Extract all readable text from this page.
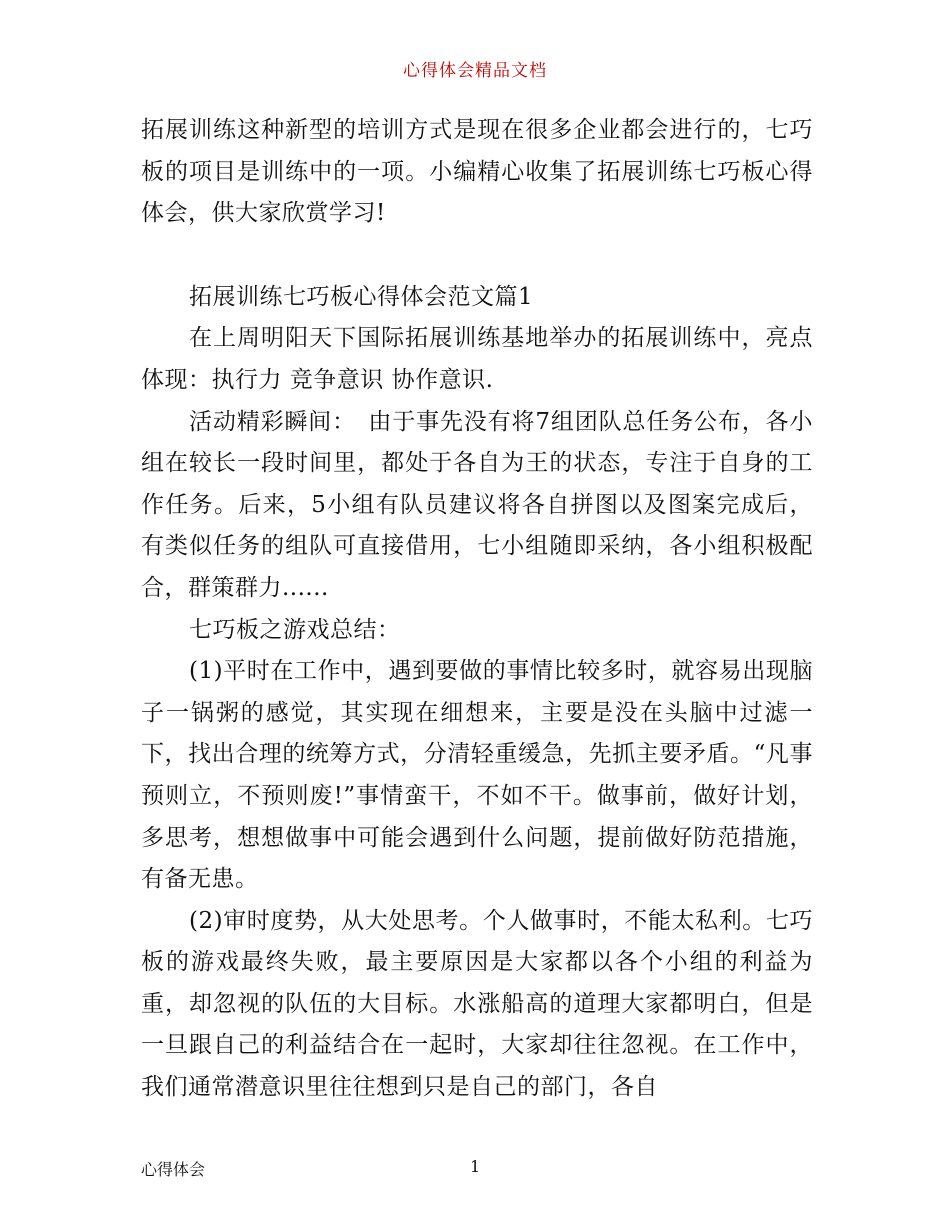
心得体会精品文档

拓展训练这种新型的培训方式是现在很多企业都会进行的，七巧板的项目是训练中的一项。小编精心收集了拓展训练七巧板心得体会，供大家欣赏学习!

拓展训练七巧板心得体会范文篇1

在上周明阳天下国际拓展训练基地举办的拓展训练中，亮点体现：执行力 竞争意识 协作意识.

活动精彩瞬间：　由于事先没有将7组团队总任务公布，各小组在较长一段时间里，都处于各自为王的状态，专注于自身的工作任务。后来，5小组有队员建议将各自拼图以及图案完成后，有类似任务的组队可直接借用，七小组随即采纳，各小组积极配合，群策群力......

七巧板之游戏总结：

(1)平时在工作中，遇到要做的事情比较多时，就容易出现脑子一锅粥的感觉，其实现在细想来，主要是没在头脑中过滤一下，找出合理的统筹方式，分清轻重缓急，先抓主要矛盾。“凡事预则立，不预则废!”事情蛮干，不如不干。做事前，做好计划，多思考，想想做事中可能会遇到什么问题，提前做好防范措施，有备无患。

(2)审时度势，从大处思考。个人做事时，不能太私利。七巧板的游戏最终失败，最主要原因是大家都以各个小组的利益为重，却忽视的队伍的大目标。水涨船高的道理大家都明白，但是一旦跟自己的利益结合在一起时，大家却往往忽视。在工作中，我们通常潜意识里往往想到只是自己的部门，各自

心得体会	1
